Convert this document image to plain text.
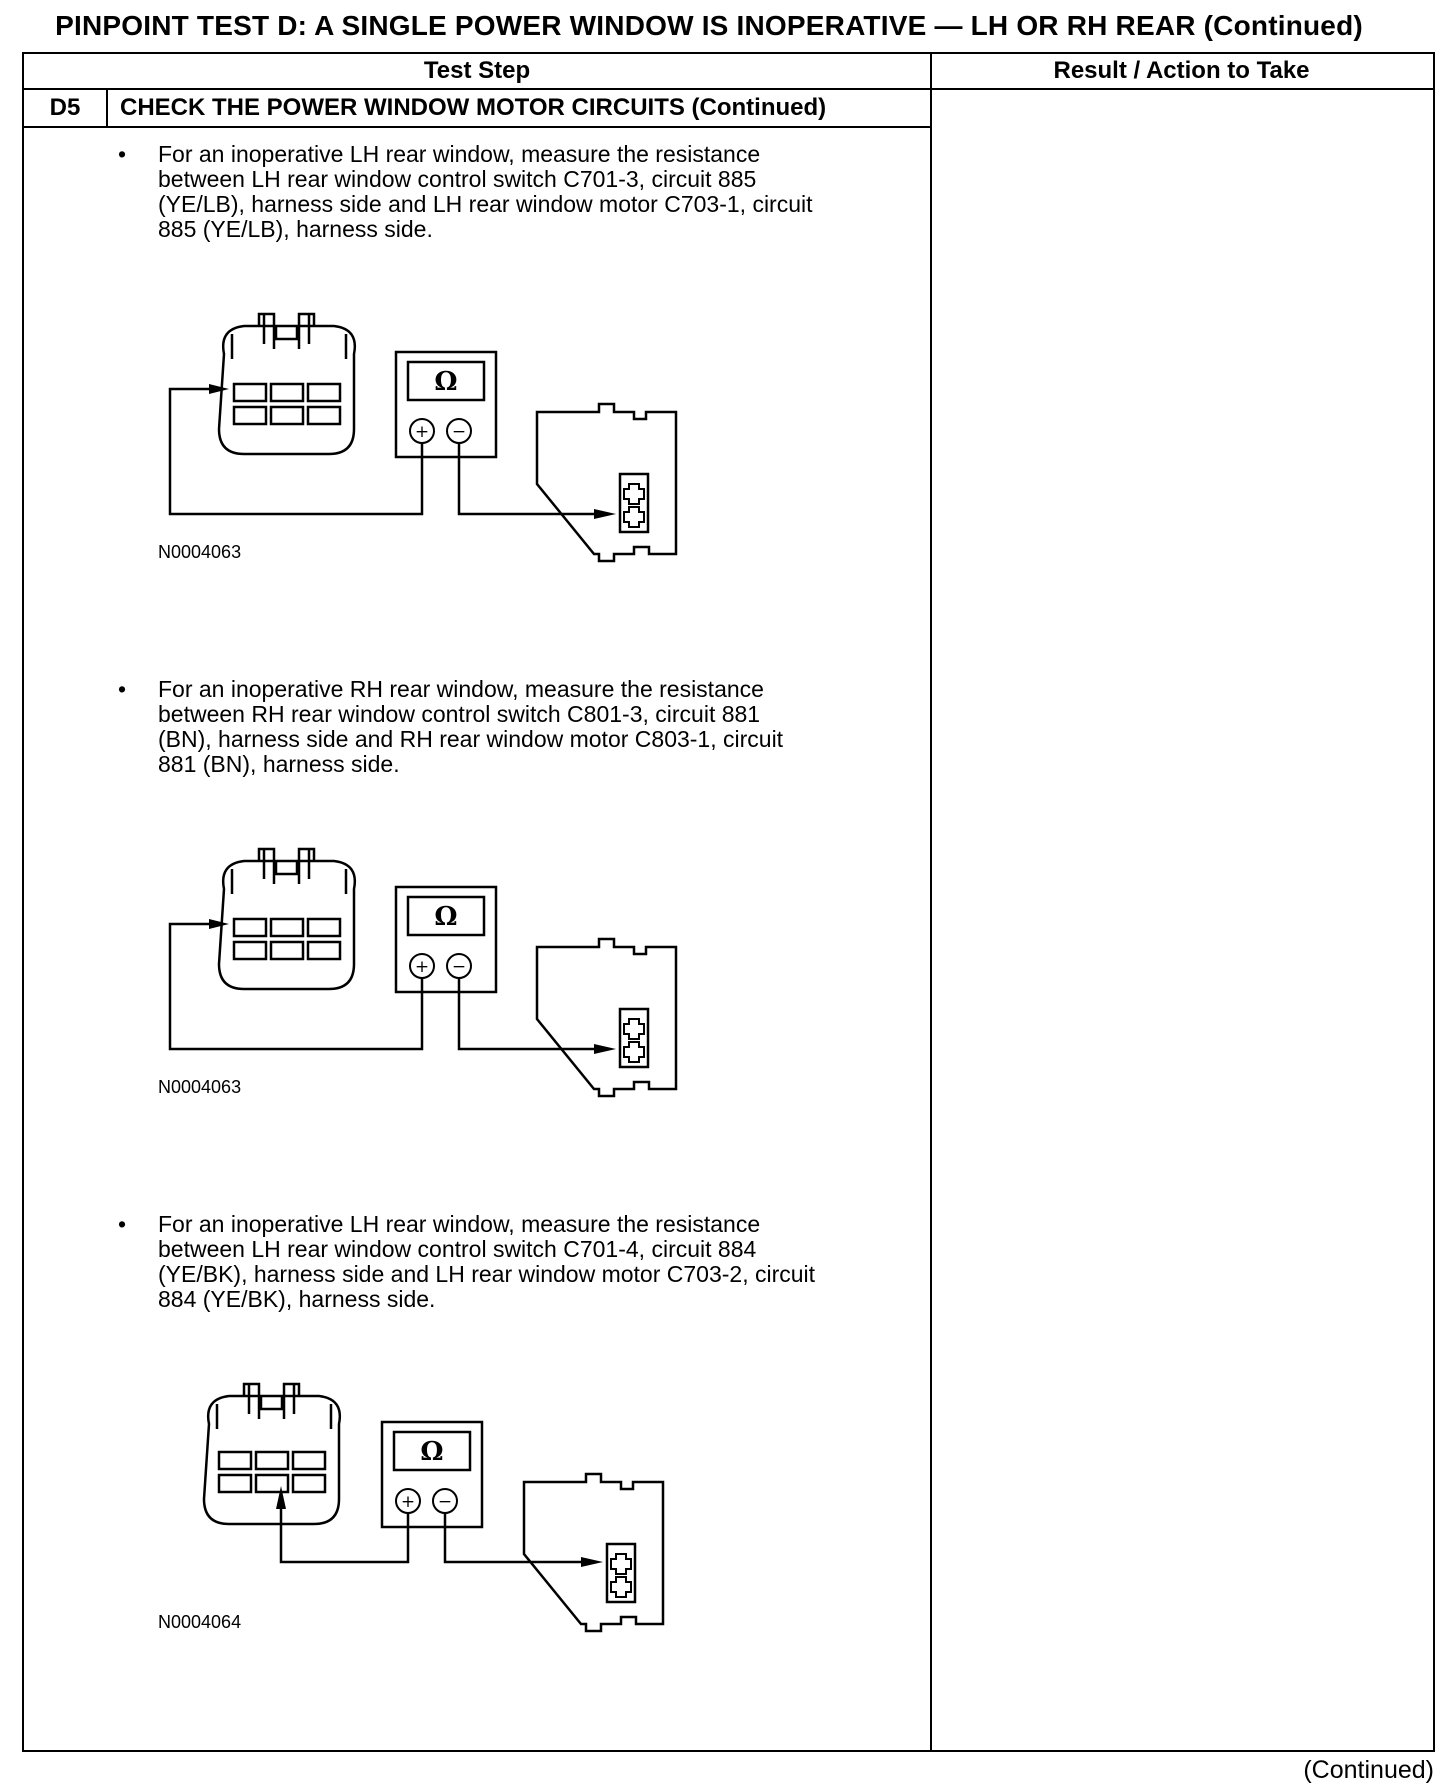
PINPOINT TEST D: A SINGLE POWER WINDOW IS INOPERATIVE — LH OR RH REAR (Continued)
Test Step	Result / Action to Take
D5	CHECK THE POWER WINDOW MOTOR CIRCUITS (Continued)
• For an inoperative LH rear window, measure the resistance
between LH rear window control switch C701-3, circuit 885
(YE/LB), harness side and LH rear window motor C703-1, circuit
885 (YE/LB), harness side.
Ω
+ −
N0004063
• For an inoperative RH rear window, measure the resistance
between RH rear window control switch C801-3, circuit 881
(BN), harness side and RH rear window motor C803-1, circuit
881 (BN), harness side.
Ω
+ −
N0004063
• For an inoperative LH rear window, measure the resistance
between LH rear window control switch C701-4, circuit 884
(YE/BK), harness side and LH rear window motor C703-2, circuit
884 (YE/BK), harness side.
Ω
+ −
N0004064
(Continued)
